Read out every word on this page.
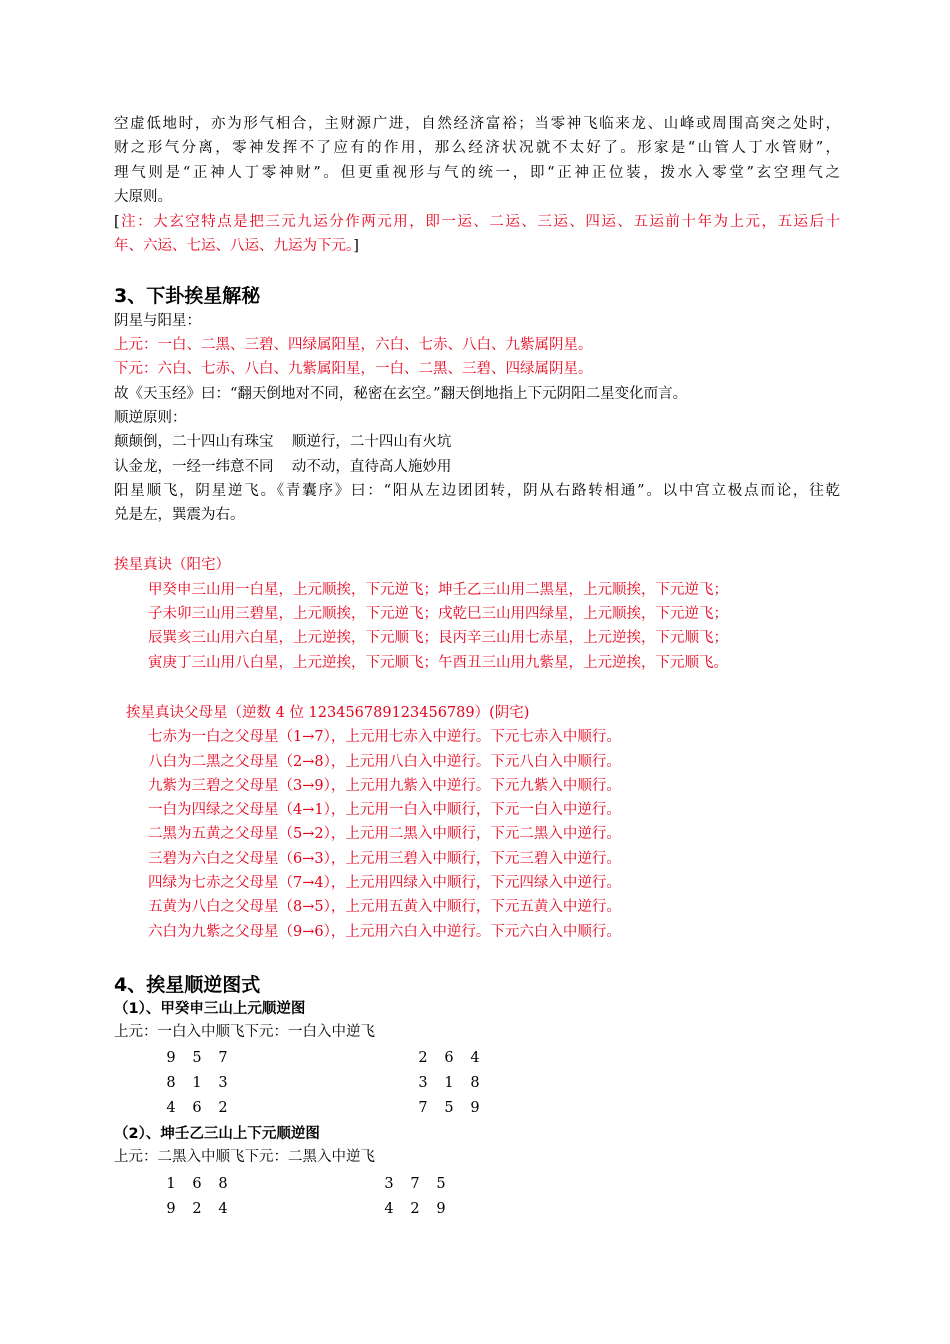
空虚低地时，亦为形气相合，主财源广进，自然经济富裕；当零神飞临来龙、山峰或周围高突之处时，
财之形气分离，零神发挥不了应有的作用，那么经济状况就不太好了。形家是“山管人丁水管财”，
理气则是“正神人丁零神财”。但更重视形与气的统一，即“正神正位装，拨水入零堂”玄空理气之
大原则。
[注：大玄空特点是把三元九运分作两元用，即一运、二运、三运、四运、五运前十年为上元，五运后十
年、六运、七运、八运、九运为下元。]
3、下卦挨星解秘
阴星与阳星：
上元：一白、二黑、三碧、四绿属阳星，六白、七赤、八白、九紫属阴星。
下元：六白、七赤、八白、九紫属阳星，一白、二黑、三碧、四绿属阴星。
故《天玉经》曰：“翻天倒地对不同，秘密在玄空。”翻天倒地指上下元阴阳二星变化而言。
顺逆原则：
颠颠倒，二十四山有珠宝    顺逆行，二十四山有火坑
认金龙，一经一纬意不同    动不动，直待高人施妙用
阳星顺飞，阴星逆飞。《青囊序》曰：“阳从左边团团转，阴从右路转相通”。以中宫立极点而论，往乾
兑是左，巽震为右。
挨星真诀（阳宅）
甲癸申三山用一白星，上元顺挨，下元逆飞；坤壬乙三山用二黑星，上元顺挨，下元逆飞；
子未卯三山用三碧星，上元顺挨，下元逆飞；戌乾巳三山用四绿星，上元顺挨，下元逆飞；
辰巽亥三山用六白星，上元逆挨，下元顺飞；艮丙辛三山用七赤星，上元逆挨，下元顺飞；
寅庚丁三山用八白星，上元逆挨，下元顺飞；午酉丑三山用九紫星，上元逆挨，下元顺飞。
挨星真诀父母星（逆数 4 位 123456789123456789）(阴宅)
七赤为一白之父母星（1→7），上元用七赤入中逆行。下元七赤入中顺行。
八白为二黑之父母星（2→8），上元用八白入中逆行。下元八白入中顺行。
九紫为三碧之父母星（3→9），上元用九紫入中逆行。下元九紫入中顺行。
一白为四绿之父母星（4→1），上元用一白入中顺行，下元一白入中逆行。
二黑为五黄之父母星（5→2），上元用二黑入中顺行，下元二黑入中逆行。
三碧为六白之父母星（6→3），上元用三碧入中顺行，下元三碧入中逆行。
四绿为七赤之父母星（7→4），上元用四绿入中顺行，下元四绿入中逆行。
五黄为八白之父母星（8→5），上元用五黄入中顺行，下元五黄入中逆行。
六白为九紫之父母星（9→6），上元用六白入中逆行。下元六白入中顺行。
4、挨星顺逆图式
（1）、甲癸申三山上元顺逆图
上元：一白入中顺飞下元：一白入中逆飞
9	5	7	2	6	4
8	1	3	3	1	8
4	6	2	7	5	9
（2）、坤壬乙三山上下元顺逆图
上元：二黑入中顺飞下元：二黑入中逆飞
1	6	8	3	7	5
9	2	4	4	2	9
